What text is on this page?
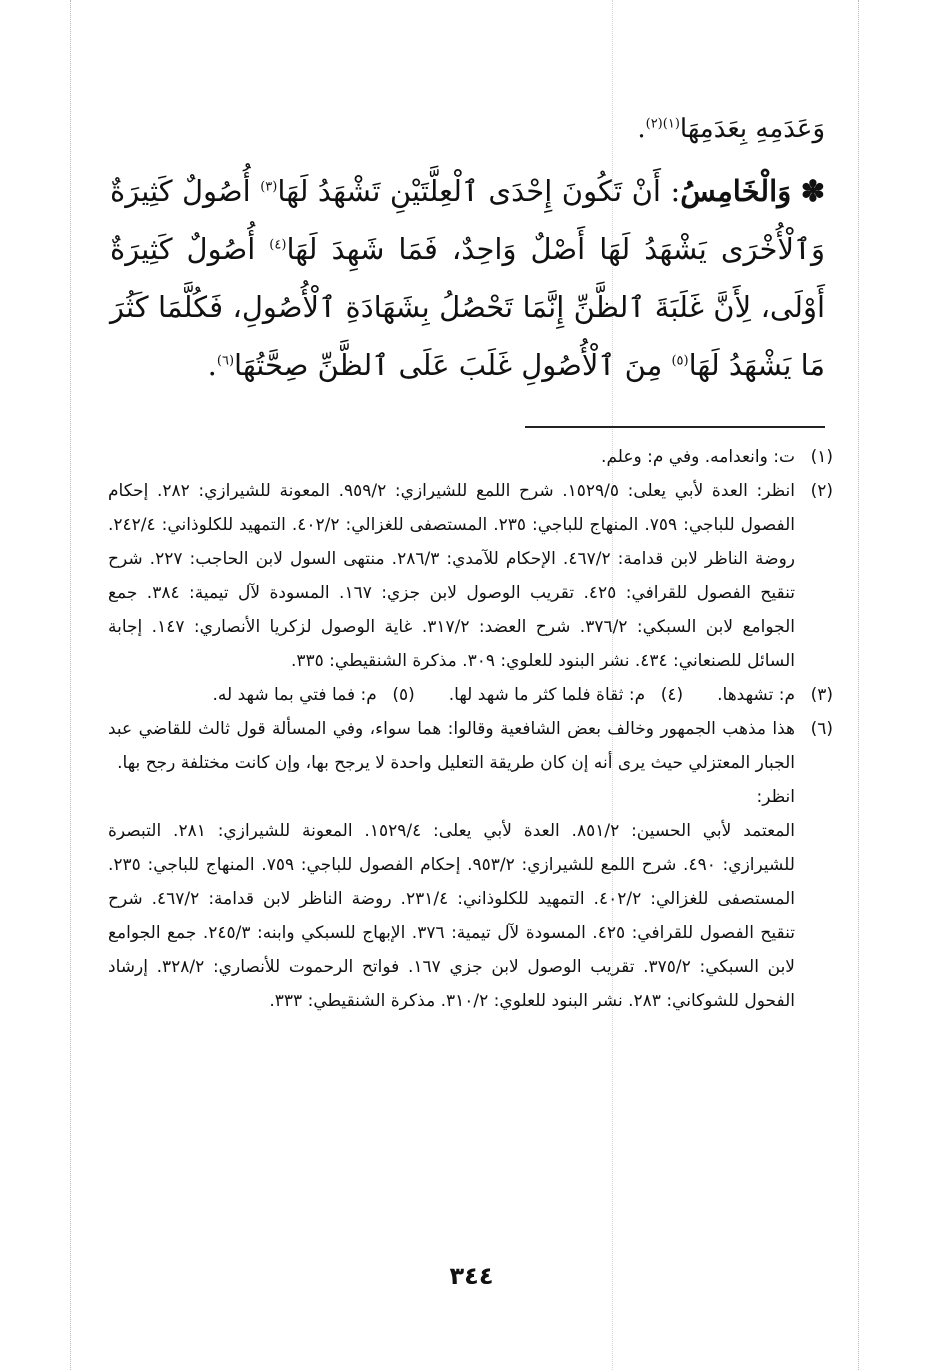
وَعَدَمِهِ بِعَدَمِهَا$^{(١)(٢)}$.

✽ وَالْخَامِسُ: أَنْ تَكُونَ إِحْدَى ٱلْعِلَّتَيْنِ تَشْهَدُ لَهَا$^{(٣)}$ أُصُولٌ كَثِيرَةٌ وَٱلْأُخْرَى يَشْهَدُ لَهَا أَصْلٌ وَاحِدٌ، فَمَا شَهِدَ لَهَا$^{(٤)}$ أُصُولٌ كَثِيرَةٌ أَوْلَى، لِأَنَّ غَلَبَةَ ٱلظَّنِّ إِنَّمَا تَحْصُلُ بِشَهَادَةِ ٱلْأُصُولِ، فَكُلَّمَا كَثُرَ مَا يَشْهَدُ لَهَا$^{(٥)}$ مِنَ ٱلْأُصُولِ غَلَبَ عَلَى ٱلظَّنِّ صِحَّتُهَا$^{(٦)}$.

(١)
ت: وانعدامه. وفي م: وعلم.
(٢)
انظر: العدة لأبي يعلى: ١٥٢٩/٥. شرح اللمع للشيرازي: ٩٥٩/٢. المعونة للشيرازي: ٢٨٢. إحكام الفصول للباجي: ٧٥٩. المنهاج للباجي: ٢٣٥. المستصفى للغزالي: ٤٠٢/٢. التمهيد للكلوذاني: ٢٤٢/٤. روضة الناظر لابن قدامة: ٤٦٧/٢. الإحكام للآمدي: ٢٨٦/٣. منتهى السول لابن الحاجب: ٢٢٧. شرح تنقيح الفصول للقرافي: ٤٢٥. تقريب الوصول لابن جزي: ١٦٧. المسودة لآل تيمية: ٣٨٤. جمع الجوامع لابن السبكي: ٣٧٦/٢. شرح العضد: ٣١٧/٢. غاية الوصول لزكريا الأنصاري: ١٤٧. إجابة السائل للصنعاني: ٤٣٤. نشر البنود للعلوي: ٣٠٩. مذكرة الشنقيطي: ٣٣٥.
(٣)
م: تشهدها.
(٤)
م: ثقاة فلما كثر ما شهد لها.
(٥)
م: فما فتي بما شهد له.
(٦)

هذا مذهب الجمهور وخالف بعض الشافعية وقالوا: هما سواء، وفي المسألة قول ثالث للقاضي عبد الجبار المعتزلي حيث يرى أنه إن كان طريقة التعليل واحدة لا يرجح بها، وإن كانت مختلفة رجح بها.

انظر:

المعتمد لأبي الحسين: ٨٥١/٢. العدة لأبي يعلى: ١٥٢٩/٤. المعونة للشيرازي: ٢٨١. التبصرة للشيرازي: ٤٩٠. شرح اللمع للشيرازي: ٩٥٣/٢. إحكام الفصول للباجي: ٧٥٩. المنهاج للباجي: ٢٣٥. المستصفى للغزالي: ٤٠٢/٢. التمهيد للكلوذاني: ٢٣١/٤. روضة الناظر لابن قدامة: ٤٦٧/٢. شرح تنقيح الفصول للقرافي: ٤٢٥. المسودة لآل تيمية: ٣٧٦. الإبهاج للسبكي وابنه: ٢٤٥/٣. جمع الجوامع لابن السبكي: ٣٧٥/٢. تقريب الوصول لابن جزي ١٦٧. فواتح الرحموت للأنصاري: ٣٢٨/٢. إرشاد الفحول للشوكاني: ٢٨٣. نشر البنود للعلوي: ٣١٠/٢. مذكرة الشنقيطي: ٣٣٣.

٣٤٤
